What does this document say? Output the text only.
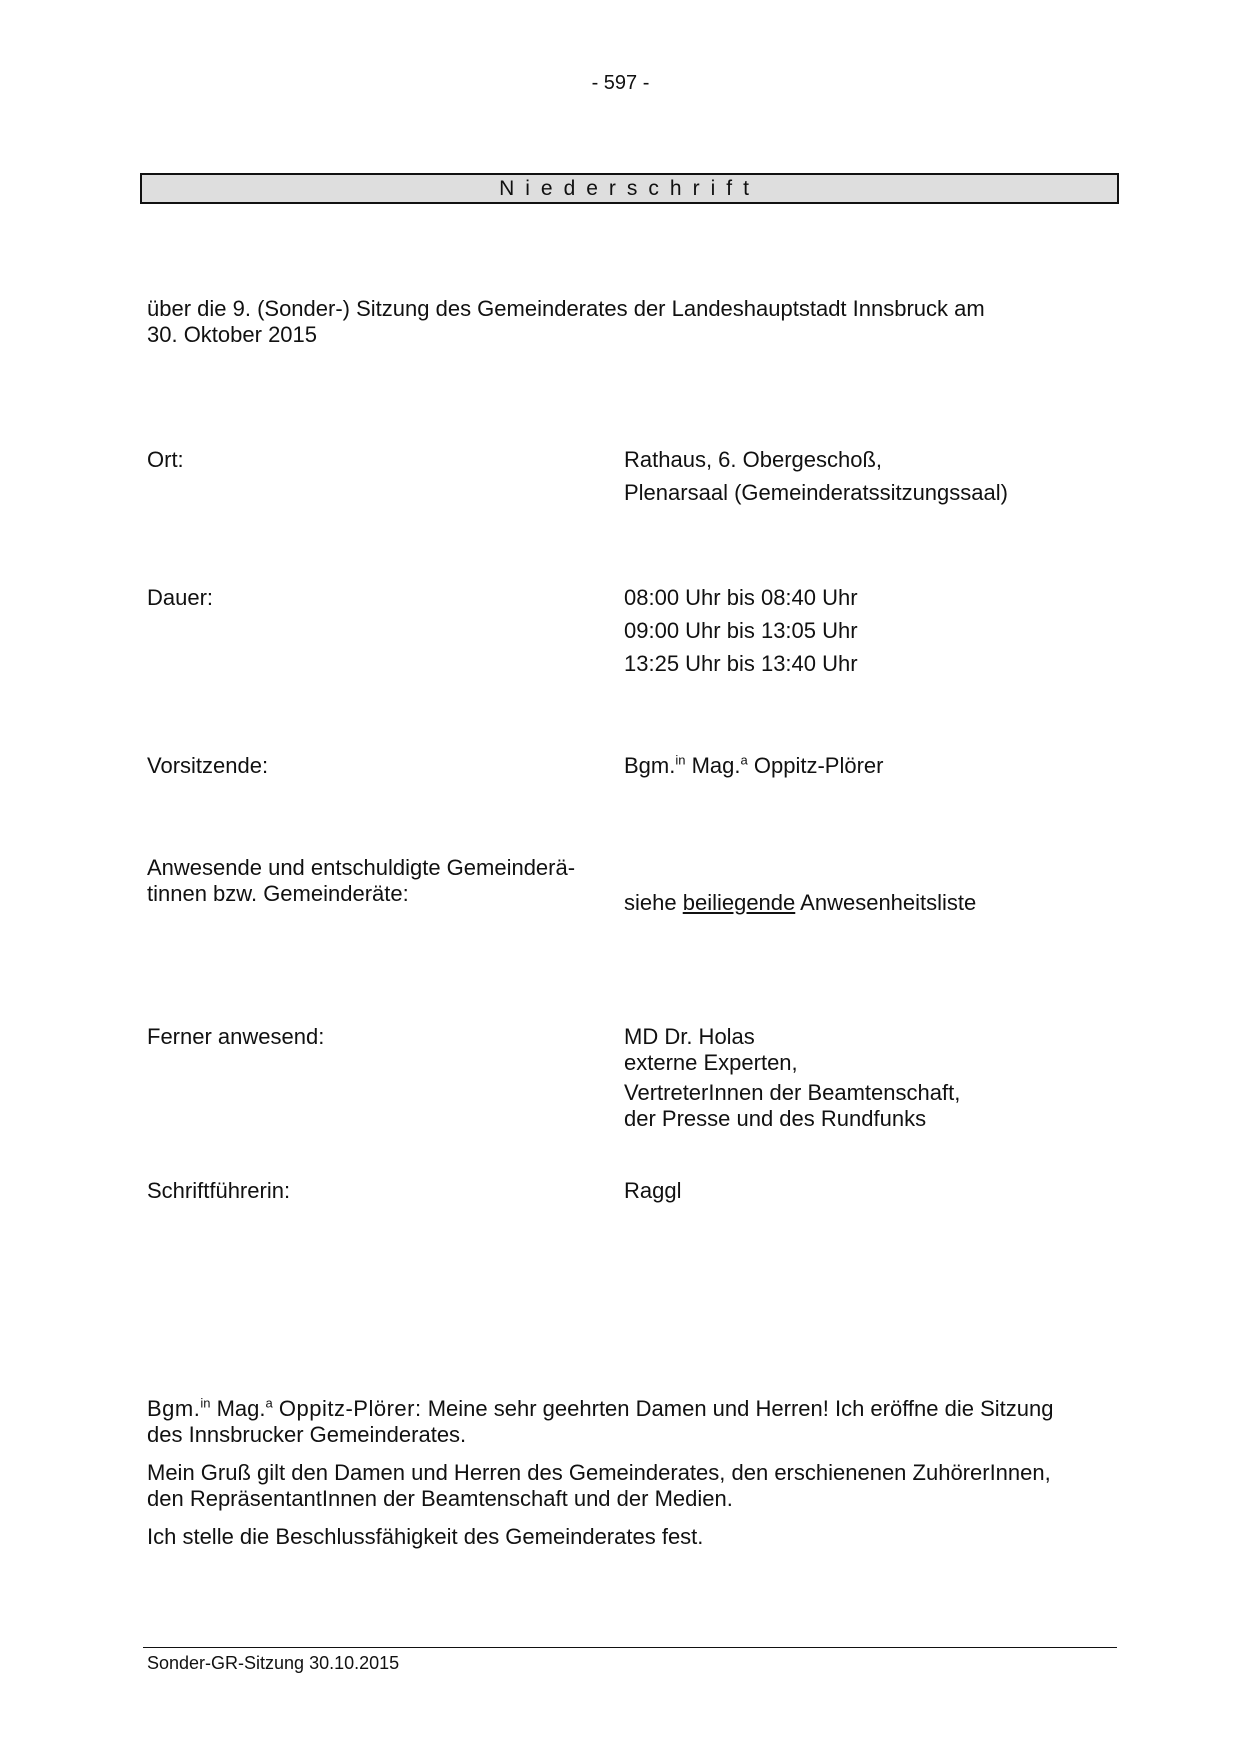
- 597 -
Niederschrift
über die 9. (Sonder-) Sitzung des Gemeinderates der Landeshauptstadt Innsbruck am
30. Oktober 2015
Ort:	Rathaus, 6. Obergeschoß,
Plenarsaal (Gemeinderatssitzungssaal)
Dauer:	08:00 Uhr bis 08:40 Uhr
09:00 Uhr bis 13:05 Uhr
13:25 Uhr bis 13:40 Uhr
Vorsitzende:	Bgm.$^{in}$ Mag.$^a$ Oppitz-Plörer
Anwesende und entschuldigte Gemeinderä-
tinnen bzw. Gemeinderäte:	siehe beiliegende Anwesenheitsliste
Ferner anwesend:	MD Dr. Holas
externe Experten,
VertreterInnen der Beamtenschaft,
der Presse und des Rundfunks
Schriftführerin:	Raggl
Bgm.$^{in}$ Mag.$^a$ Oppitz-Plörer: Meine sehr geehrten Damen und Herren! Ich eröffne die Sitzung
des Innsbrucker Gemeinderates.
Mein Gruß gilt den Damen und Herren des Gemeinderates, den erschienenen ZuhörerInnen,
den RepräsentantInnen der Beamtenschaft und der Medien.
Ich stelle die Beschlussfähigkeit des Gemeinderates fest.
Sonder-GR-Sitzung 30.10.2015
